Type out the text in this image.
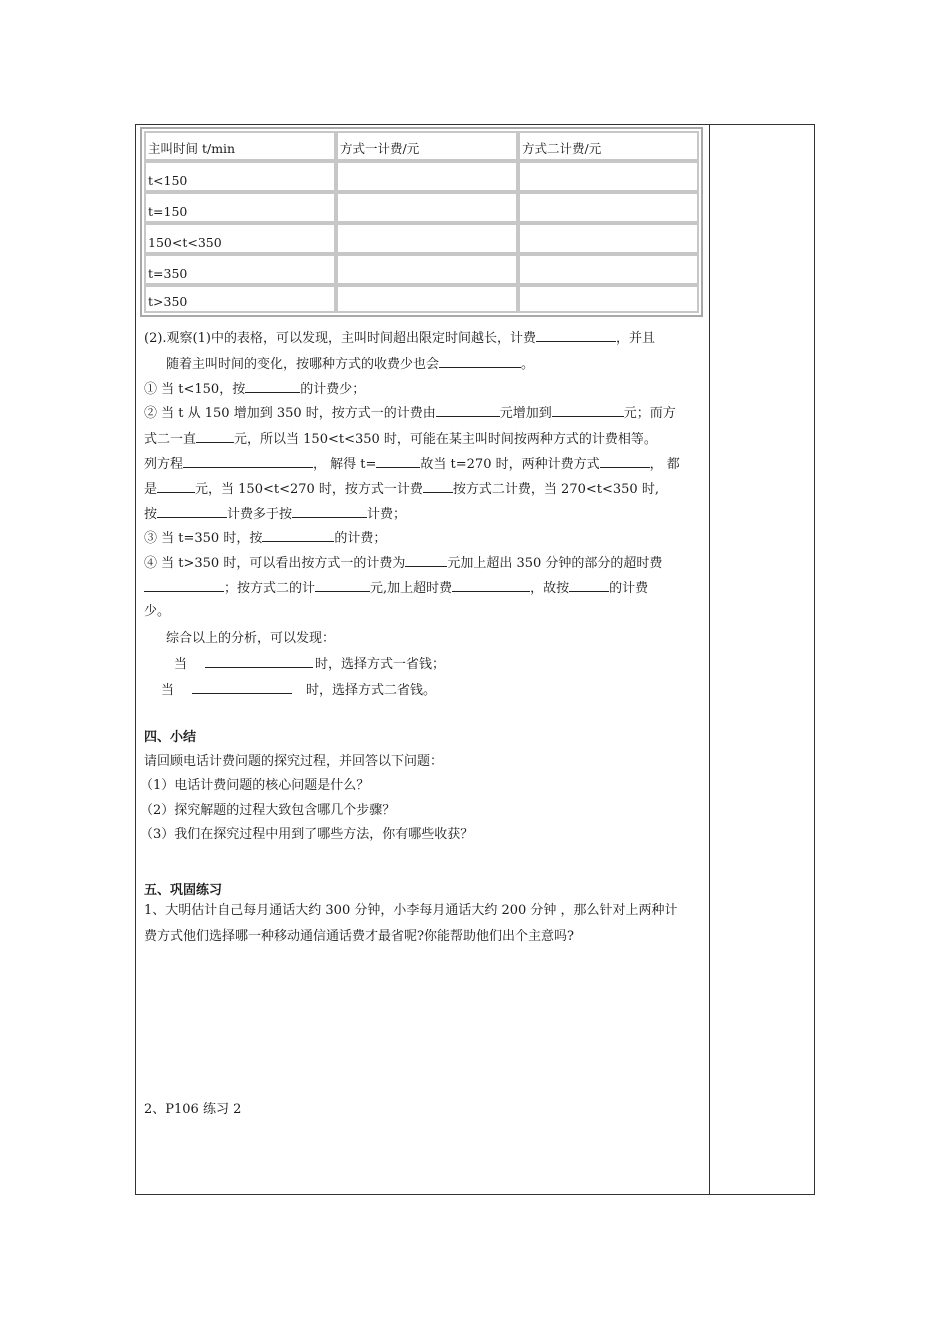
主叫时间 t/min	方式一计费/元	方式二计费/元
t<150
t=150
150<t<350
t=350
t>350
(2).观察(1)中的表格，可以发现，主叫时间超出限定时间越长，计费	，并且
随着主叫时间的变化，按哪种方式的收费少也会	。
① 当 t<150，按	的计费少；
② 当 t 从 150 增加到 350 时，按方式一的计费由	元增加到	元；而方
式二一直	元，所以当 150<t<350 时，可能在某主叫时间按两种方式的计费相等。
列方程	， 解得 t=	故当 t=270 时，两种计费方式	， 都
是	元，当 150<t<270 时，按方式一计费 按方式二计费，当 270<t<350 时,
按	计费多于按	计费；
③ 当 t=350 时，按	的计费；
④ 当 t>350 时，可以看出按方式一的计费为	元加上超出 350 分钟的部分的超时费
；按方式二的计	元,加上超时费	，故按	的计费
少。
综合以上的分析，可以发现：
当	时，选择方式一省钱；
当	时，选择方式二省钱。
四、小结
请回顾电话计费问题的探究过程，并回答以下问题：
（1）电话计费问题的核心问题是什么？
（2）探究解题的过程大致包含哪几个步骤？
（3）我们在探究过程中用到了哪些方法，你有哪些收获？
五、巩固练习
1、大明估计自己每月通话大约 300 分钟，小李每月通话大约 200 分钟 ，那么针对上两种计
费方式他们选择哪一种移动通信通话费才最省呢?你能帮助他们出个主意吗?
2、P106 练习 2
